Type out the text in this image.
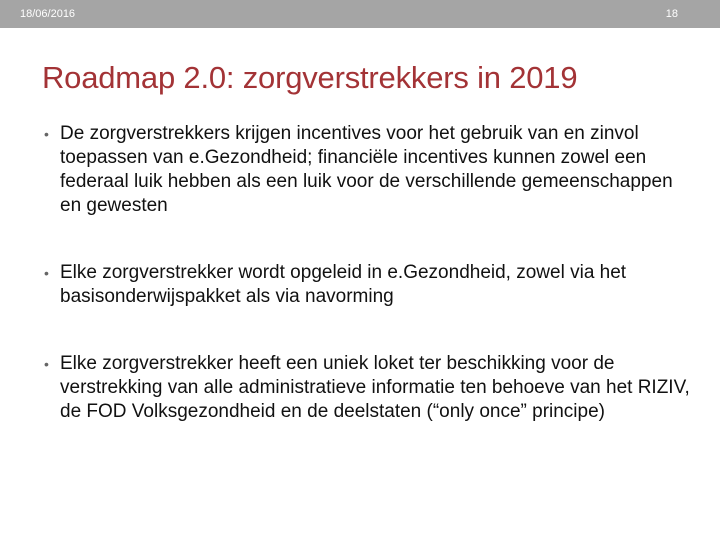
18/06/2016	18
Roadmap 2.0: zorgverstrekkers in 2019
• De zorgverstrekkers krijgen incentives voor het gebruik van en zinvol toepassen van e.Gezondheid; financiële incentives kunnen zowel een federaal luik hebben als een luik voor de verschillende gemeenschappen en gewesten
• Elke zorgverstrekker wordt opgeleid in e.Gezondheid, zowel via het basisonderwijspakket als via navorming
• Elke zorgverstrekker heeft een uniek loket ter beschikking voor de verstrekking van alle administratieve informatie ten behoeve van het RIZIV, de FOD Volksgezondheid en de deelstaten (“only once” principe)
